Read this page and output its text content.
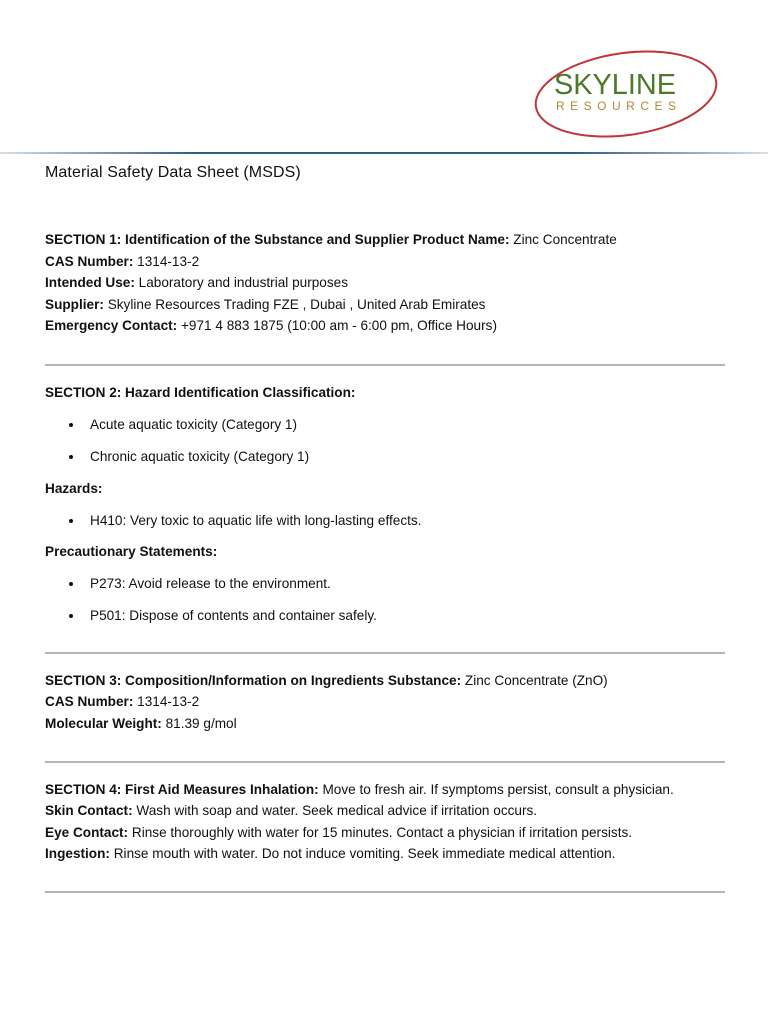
SKYLINE
RESOURCES
Material Safety Data Sheet (MSDS)

SECTION 1: Identification of the Substance and Supplier Product Name: Zinc Concentrate

CAS Number: 1314-13-2

Intended Use: Laboratory and industrial purposes

Supplier: Skyline Resources Trading FZE , Dubai , United Arab Emirates

Emergency Contact: +971 4 883 1875 (10:00 am - 6:00 pm, Office Hours)

SECTION 2: Hazard Identification Classification:

Acute aquatic toxicity (Category 1)
Chronic aquatic toxicity (Category 1)

Hazards:

H410: Very toxic to aquatic life with long-lasting effects.

Precautionary Statements:

P273: Avoid release to the environment.
P501: Dispose of contents and container safely.

SECTION 3: Composition/Information on Ingredients Substance: Zinc Concentrate (ZnO)

CAS Number: 1314-13-2

Molecular Weight: 81.39 g/mol

SECTION 4: First Aid Measures Inhalation: Move to fresh air. If symptoms persist, consult a physician.

Skin Contact: Wash with soap and water. Seek medical advice if irritation occurs.

Eye Contact: Rinse thoroughly with water for 15 minutes. Contact a physician if irritation persists.

Ingestion: Rinse mouth with water. Do not induce vomiting. Seek immediate medical attention.
